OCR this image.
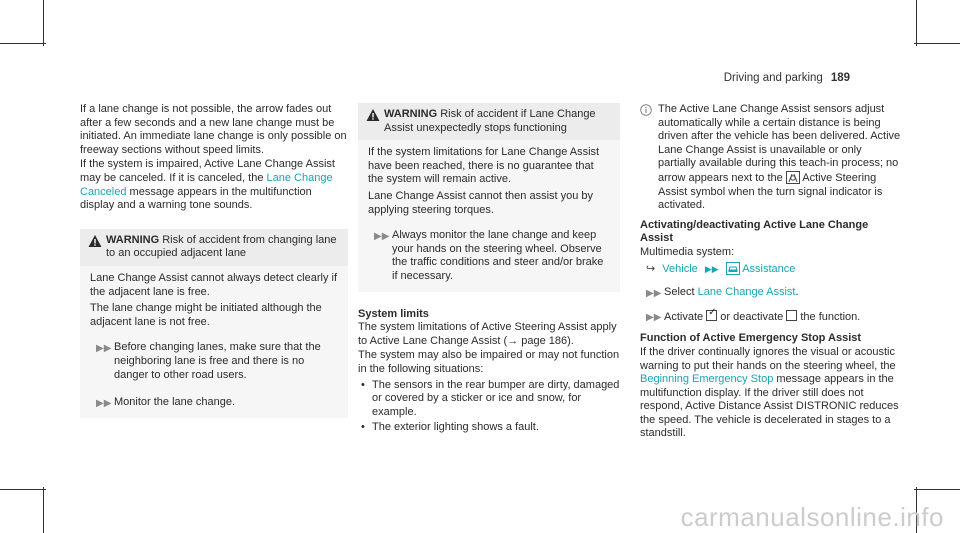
Driving and parking 189

If a lane change is not possible, the arrow fades out after a few seconds and a new lane change must be initiated. An immediate lane change is only possible on freeway sections without speed limits.

If the system is impaired, Active Lane Change Assist may be canceled. If it is canceled, the Lane Change Canceled message appears in the multifunction display and a warning tone sounds.

WARNING Risk of accident from changing lane to an occupied adjacent lane

Lane Change Assist cannot always detect clearly if the adjacent lane is free.

The lane change might be initiated although the adjacent lane is not free.

▶▶ Before changing lanes, make sure that the neighboring lane is free and there is no danger to other road users.
▶▶ Monitor the lane change.
WARNING Risk of accident if Lane Change Assist unexpectedly stops functioning

If the system limitations for Lane Change Assist have been reached, there is no guarantee that the system will remain active.

Lane Change Assist cannot then assist you by applying steering torques.

▶▶ Always monitor the lane change and keep your hands on the steering wheel. Observe the traffic conditions and steer and/or brake if necessary.

System limits

The system limitations of Active Steering Assist apply to Active Lane Change Assist (→ page 186).

The system may also be impaired or may not function in the following situations:

• The sensors in the rear bumper are dirty, damaged or covered by a sticker or ice and snow, for example.
• The exterior lighting shows a fault.
The Active Lane Change Assist sensors adjust automatically while a certain distance is being driven after the vehicle has been delivered. Active Lane Change Assist is unavailable or only partially available during this teach-in process; no arrow appears next to the Active Steering Assist symbol when the turn signal indicator is activated.

Activating/deactivating Active Lane Change Assist

Multimedia system:

↪ Vehicle ▶▶ Assistance
▶▶ Select Lane Change Assist.
▶▶ Activate ✓ or deactivate the function.

Function of Active Emergency Stop Assist

If the driver continually ignores the visual or acoustic warning to put their hands on the steering wheel, the Beginning Emergency Stop message appears in the multifunction display. If the driver still does not respond, Active Distance Assist DISTRONIC reduces the speed. The vehicle is decelerated in stages to a standstill.

carmanualsonline.info
